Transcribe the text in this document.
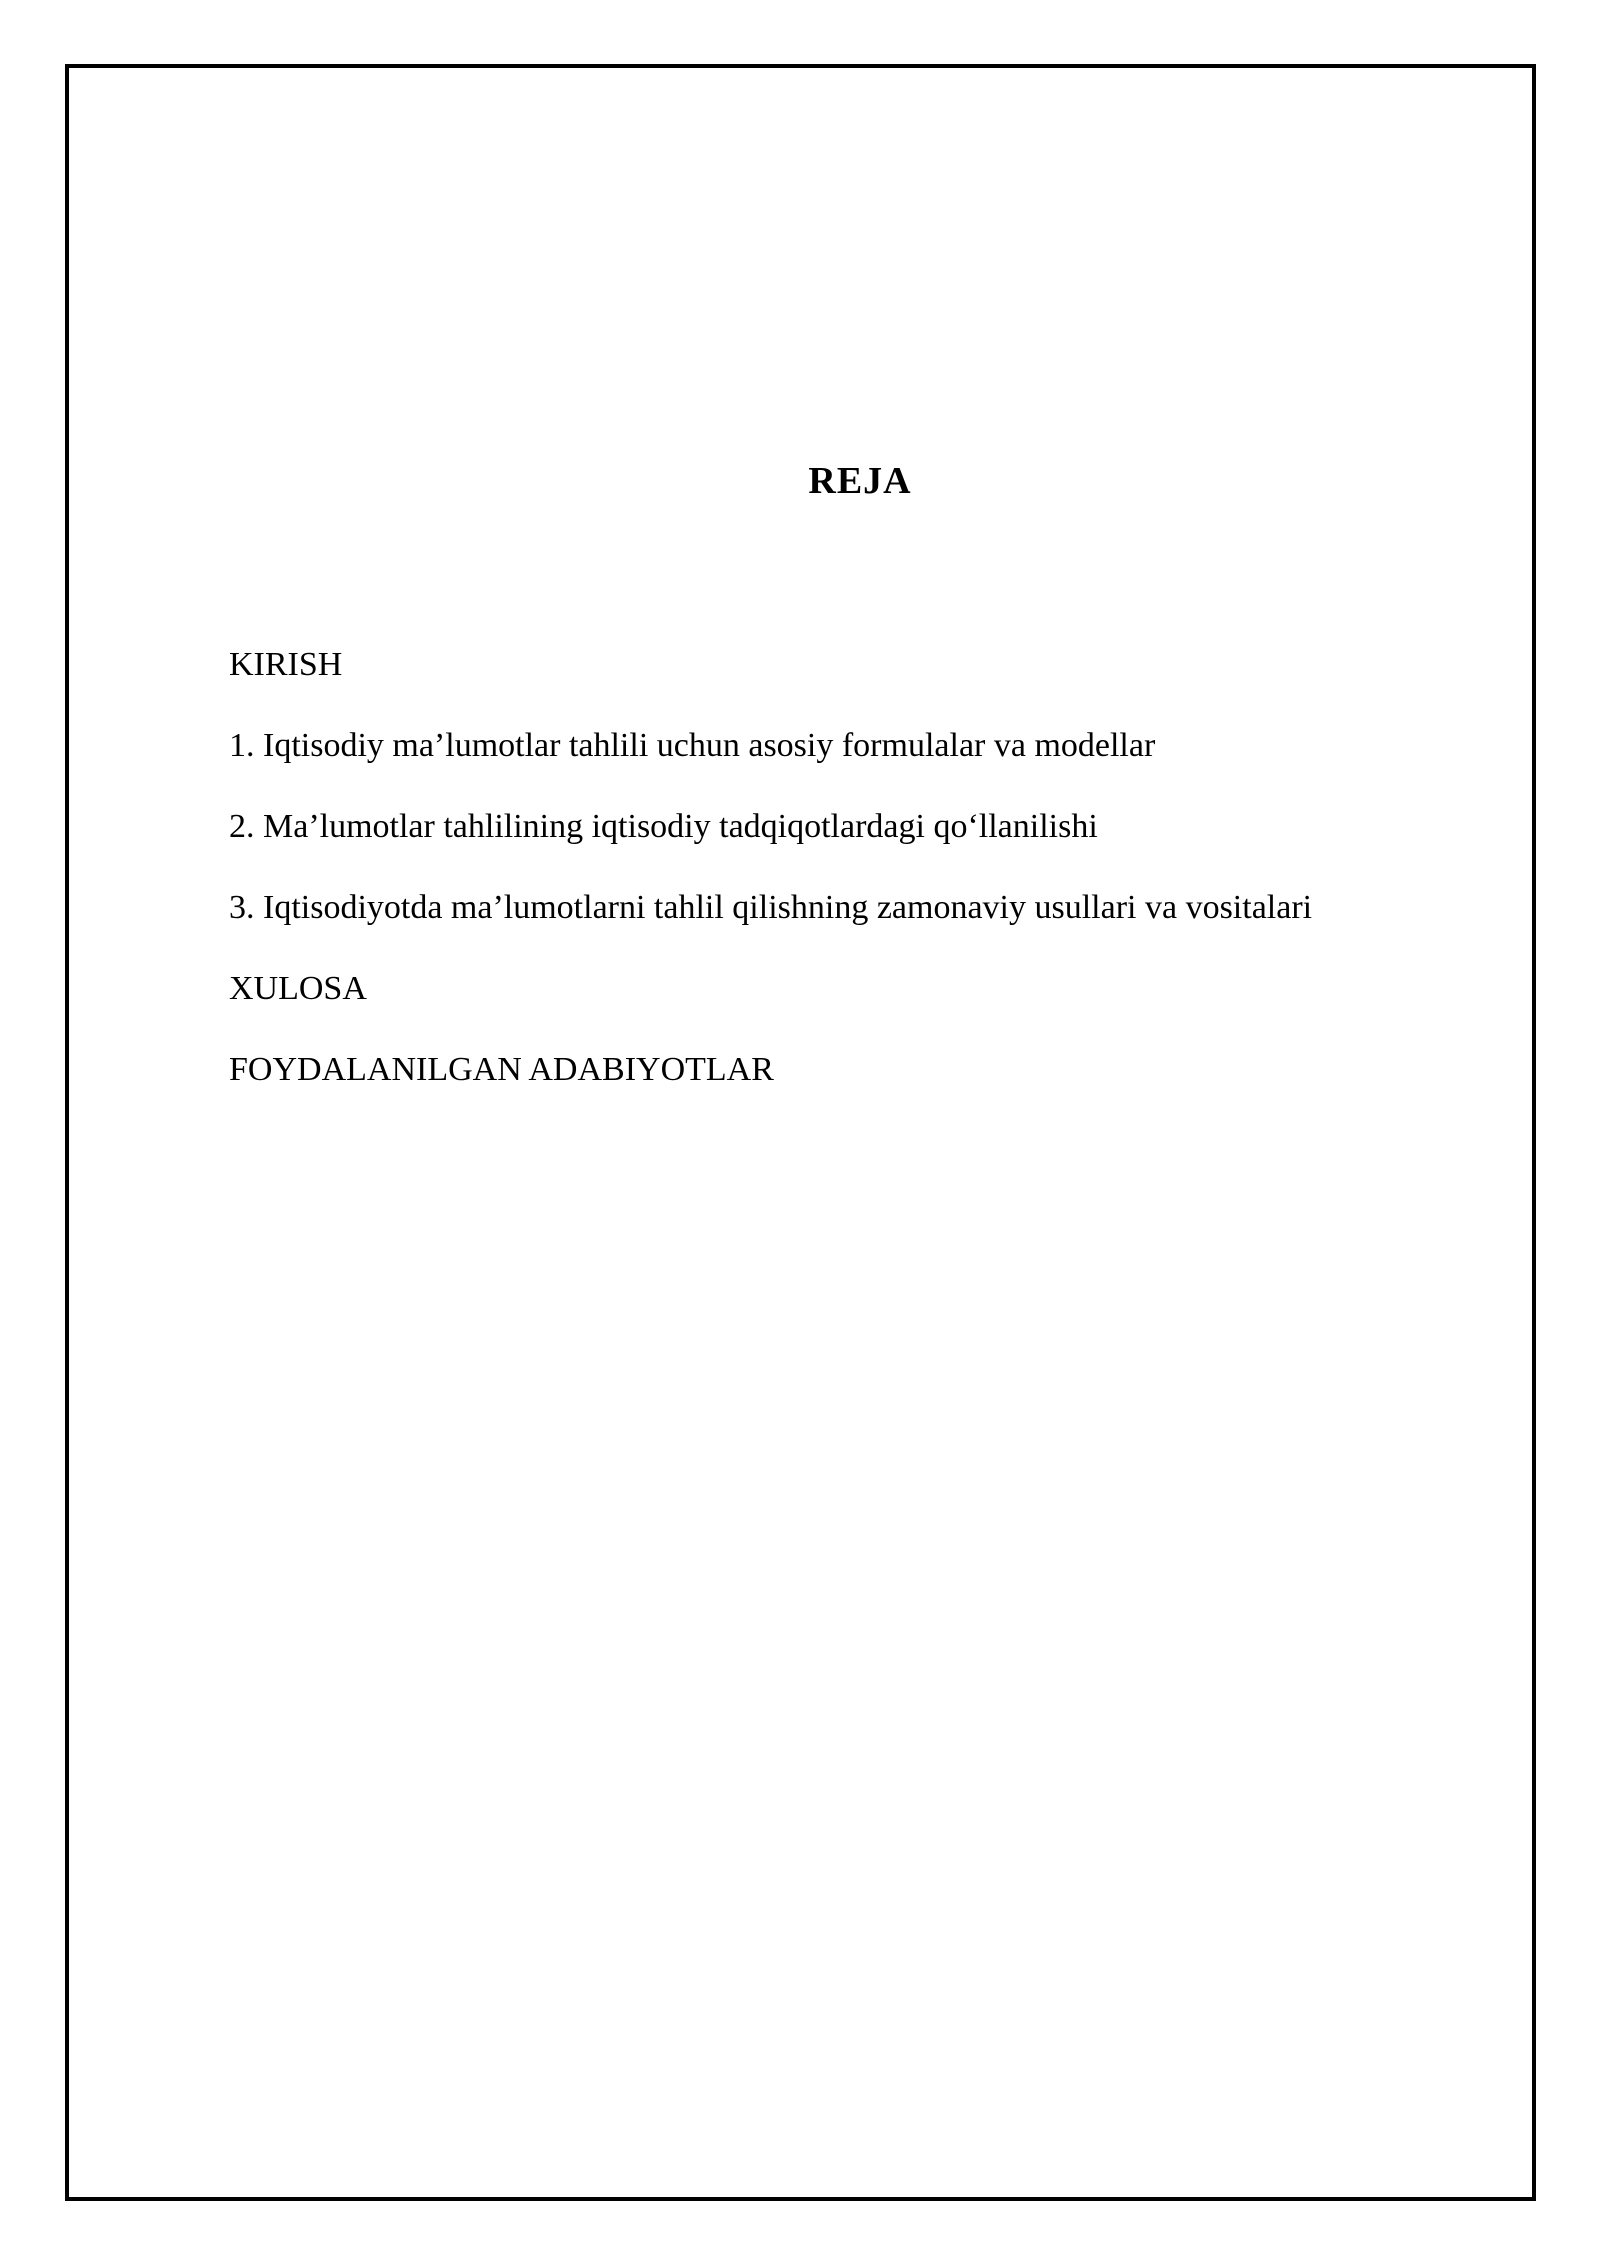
REJA
KIRISH
1. Iqtisodiy ma’lumotlar tahlili uchun asosiy formulalar va modellar
2. Ma’lumotlar tahlilining iqtisodiy tadqiqotlardagi qo‘llanilishi
3. Iqtisodiyotda ma’lumotlarni tahlil qilishning zamonaviy usullari va vositalari
XULOSA
FOYDALANILGAN ADABIYOTLAR
